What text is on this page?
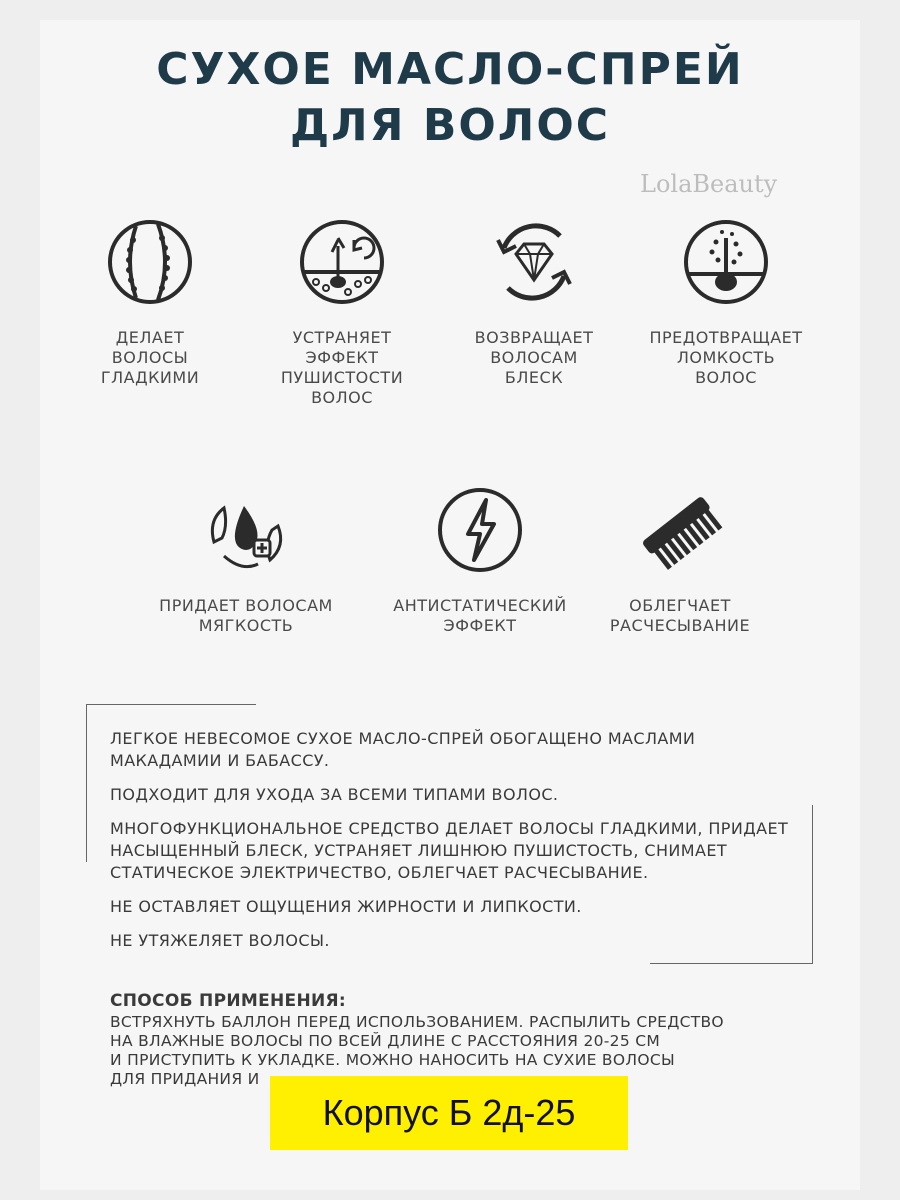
СУХОЕ МАСЛО-СПРЕЙ
ДЛЯ ВОЛОС
LolaBeauty
ДЕЛАЕТ
ВОЛОСЫ
ГЛАДКИМИ
УСТРАНЯЕТ
ЭФФЕКТ
ПУШИСТОСТИ
ВОЛОС
ВОЗВРАЩАЕТ
ВОЛОСАМ
БЛЕСК
ПРЕДОТВРАЩАЕТ
ЛОМКОСТЬ
ВОЛОС
ПРИДАЕТ ВОЛОСАМ
МЯГКОСТЬ
АНТИСТАТИЧЕСКИЙ
ЭФФЕКТ
ОБЛЕГЧАЕТ
РАСЧЕСЫВАНИЕ

ЛЕГКОЕ НЕВЕСОМОЕ СУХОЕ МАСЛО-СПРЕЙ ОБОГАЩЕНО МАСЛАМИ МАКАДАМИИ И БАБАССУ.

ПОДХОДИТ ДЛЯ УХОДА ЗА ВСЕМИ ТИПАМИ ВОЛОС.

МНОГОФУНКЦИОНАЛЬНОЕ СРЕДСТВО ДЕЛАЕТ ВОЛОСЫ ГЛАДКИМИ, ПРИДАЕТ НАСЫЩЕННЫЙ БЛЕСК, УСТРАНЯЕТ ЛИШНЮЮ ПУШИСТОСТЬ, СНИМАЕТ СТАТИЧЕСКОЕ ЭЛЕКТРИЧЕСТВО, ОБЛЕГЧАЕТ РАСЧЕСЫВАНИЕ.

НЕ ОСТАВЛЯЕТ ОЩУЩЕНИЯ ЖИРНОСТИ И ЛИПКОСТИ.

НЕ УТЯЖЕЛЯЕТ ВОЛОСЫ.

СПОСОБ ПРИМЕНЕНИЯ:
ВСТРЯХНУТЬ БАЛЛОН ПЕРЕД ИСПОЛЬЗОВАНИЕМ. РАСПЫЛИТЬ СРЕДСТВО
НА ВЛАЖНЫЕ ВОЛОСЫ ПО ВСЕЙ ДЛИНЕ С РАССТОЯНИЯ 20-25 СМ
И ПРИСТУПИТЬ К УКЛАДКЕ. МОЖНО НАНОСИТЬ НА СУХИЕ ВОЛОСЫ
ДЛЯ ПРИДАНИЯ И
Корпус Б 2д-25
